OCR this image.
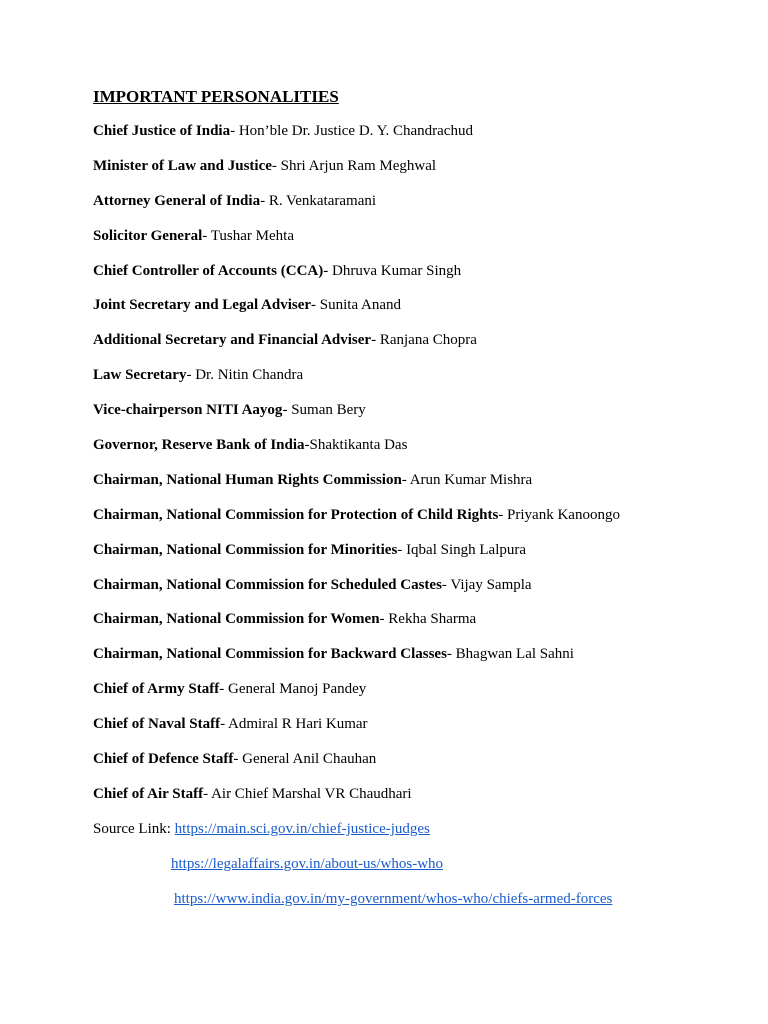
IMPORTANT PERSONALITIES
Chief Justice of India- Hon’ble Dr. Justice D. Y. Chandrachud
Minister of Law and Justice- Shri Arjun Ram Meghwal
Attorney General of India- R. Venkataramani
Solicitor General- Tushar Mehta
Chief Controller of Accounts (CCA)- Dhruva Kumar Singh
Joint Secretary and Legal Adviser- Sunita Anand
Additional Secretary and Financial Adviser- Ranjana Chopra
Law Secretary- Dr. Nitin Chandra
Vice-chairperson NITI Aayog- Suman Bery
Governor, Reserve Bank of India-Shaktikanta Das
Chairman, National Human Rights Commission- Arun Kumar Mishra
Chairman, National Commission for Protection of Child Rights- Priyank Kanoongo
Chairman, National Commission for Minorities- Iqbal Singh Lalpura
Chairman, National Commission for Scheduled Castes- Vijay Sampla
Chairman, National Commission for Women- Rekha Sharma
Chairman, National Commission for Backward Classes- Bhagwan Lal Sahni
Chief of Army Staff- General Manoj Pandey
Chief of Naval Staff- Admiral R Hari Kumar
Chief of Defence Staff- General Anil Chauhan
Chief of Air Staff- Air Chief Marshal VR Chaudhari
Source Link: https://main.sci.gov.in/chief-justice-judges
https://legalaffairs.gov.in/about-us/whos-who
https://www.india.gov.in/my-government/whos-who/chiefs-armed-forces
